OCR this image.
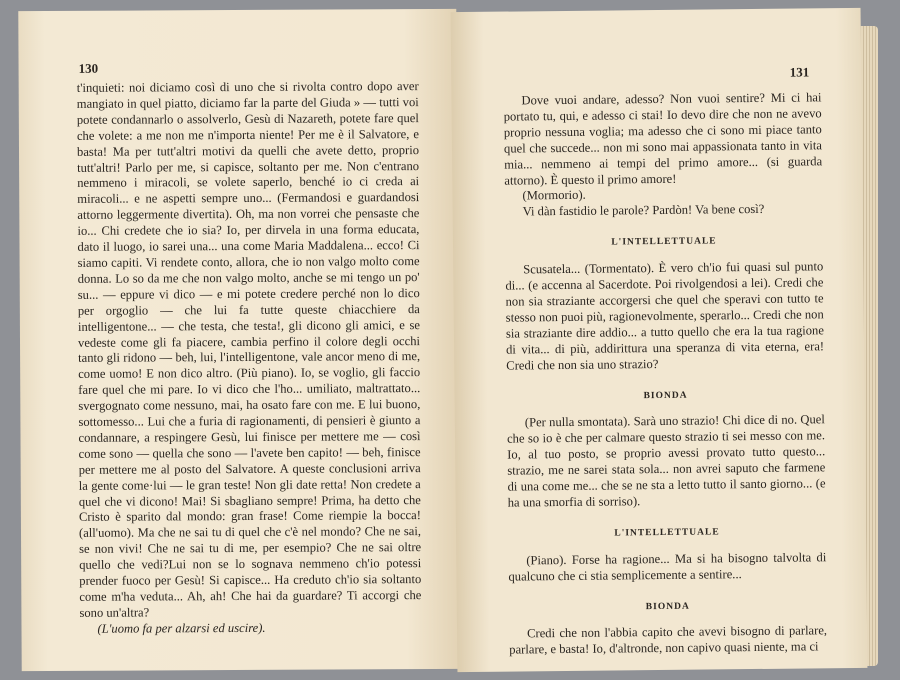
130

t'inquieti: noi diciamo così di uno che si rivolta contro dopo aver mangiato in quel piatto, diciamo far la parte del Giuda » — tutti voi potete condannarlo o assolverlo, Gesù di Nazareth, potete fare quel che volete: a me non me n'importa niente! Per me è il Salvatore, e basta! Ma per tutt'altri motivi da quelli che avete detto, proprio tutt'altri! Parlo per me, si capisce, soltanto per me. Non c'entrano nemmeno i miracoli, se volete saperlo, benché io ci creda ai miracoli... e ne aspetti sempre uno... (Fermandosi e guardandosi attorno leggermente divertita). Oh, ma non vorrei che pensaste che io... Chi credete che io sia? Io, per dirvela in una forma educata, dato il luogo, io sarei una... una come Maria Maddalena... ecco! Ci siamo capiti. Vi rendete conto, allora, che io non valgo molto come donna. Lo so da me che non valgo molto, anche se mi tengo un po' su... — eppure vi dico — e mi potete credere perché non lo dico per orgoglio — che lui fa tutte queste chiacchiere da intelligentone... — che testa, che testa!, gli dicono gli amici, e se vedeste come gli fa piacere, cambia perfino il colore degli occhi tanto gli ridono — beh, lui, l'intelligentone, vale ancor meno di me, come uomo! E non dico altro. (Più piano). Io, se voglio, gli faccio fare quel che mi pare. Io vi dico che l'ho... umiliato, maltrattato... svergognato come nessuno, mai, ha osato fare con me. E lui buono, sottomesso... Lui che a furia di ragionamenti, di pensieri è giunto a condannare, a respingere Gesù, lui finisce per mettere me — così come sono — quella che sono — l'avete ben capito! — beh, finisce per mettere me al posto del Salvatore. A queste conclusioni arriva la gente come·lui — le gran teste! Non gli date retta! Non credete a quel che vi dicono! Mai! Si sbagliano sempre! Prima, ha detto che Cristo è sparito dal mondo: gran frase! Come riempie la bocca! (all'uomo). Ma che ne sai tu di quel che c'è nel mondo? Che ne sai, se non vivi! Che ne sai tu di me, per esempio? Che ne sai oltre quello che vedi?Lui non se lo sognava nemmeno ch'io potessi prender fuoco per Gesù! Si capisce... Ha creduto ch'io sia soltanto come m'ha veduta... Ah, ah! Che hai da guardare? Ti accorgi che sono un'altra?

(L'uomo fa per alzarsi ed uscire).

131

Dove vuoi andare, adesso? Non vuoi sentire? Mi ci hai portato tu, qui, e adesso ci stai! Io devo dire che non ne avevo proprio nessuna voglia; ma adesso che ci sono mi piace tanto quel che succede... non mi sono mai appassionata tanto in vita mia... nemmeno ai tempi del primo amore... (si guarda attorno). È questo il primo amore!

(Mormorio).

Vi dàn fastidio le parole? Pardòn! Va bene così?

L'INTELLETTUALE

Scusatela... (Tormentato). È vero ch'io fui quasi sul punto di... (e accenna al Sacerdote. Poi rivolgendosi a lei). Credi che non sia straziante accorgersi che quel che speravi con tutto te stesso non puoi più, ragionevolmente, sperarlo... Credi che non sia straziante dire addio... a tutto quello che era la tua ragione di vita... di più, addirittura una speranza di vita eterna, era! Credi che non sia uno strazio?

BIONDA

(Per nulla smontata). Sarà uno strazio! Chi dice di no. Quel che so io è che per calmare questo strazio ti sei messo con me. Io, al tuo posto, se proprio avessi provato tutto questo... strazio, me ne sarei stata sola... non avrei saputo che farmene di una come me... che se ne sta a letto tutto il santo giorno... (e ha una smorfia di sorriso).

L'INTELLETTUALE

(Piano). Forse ha ragione... Ma si ha bisogno talvolta di qualcuno che ci stia semplicemente a sentire...

BIONDA

Credi che non l'abbia capito che avevi bisogno di parlare, parlare, e basta! Io, d'altronde, non capivo quasi niente, ma ci
